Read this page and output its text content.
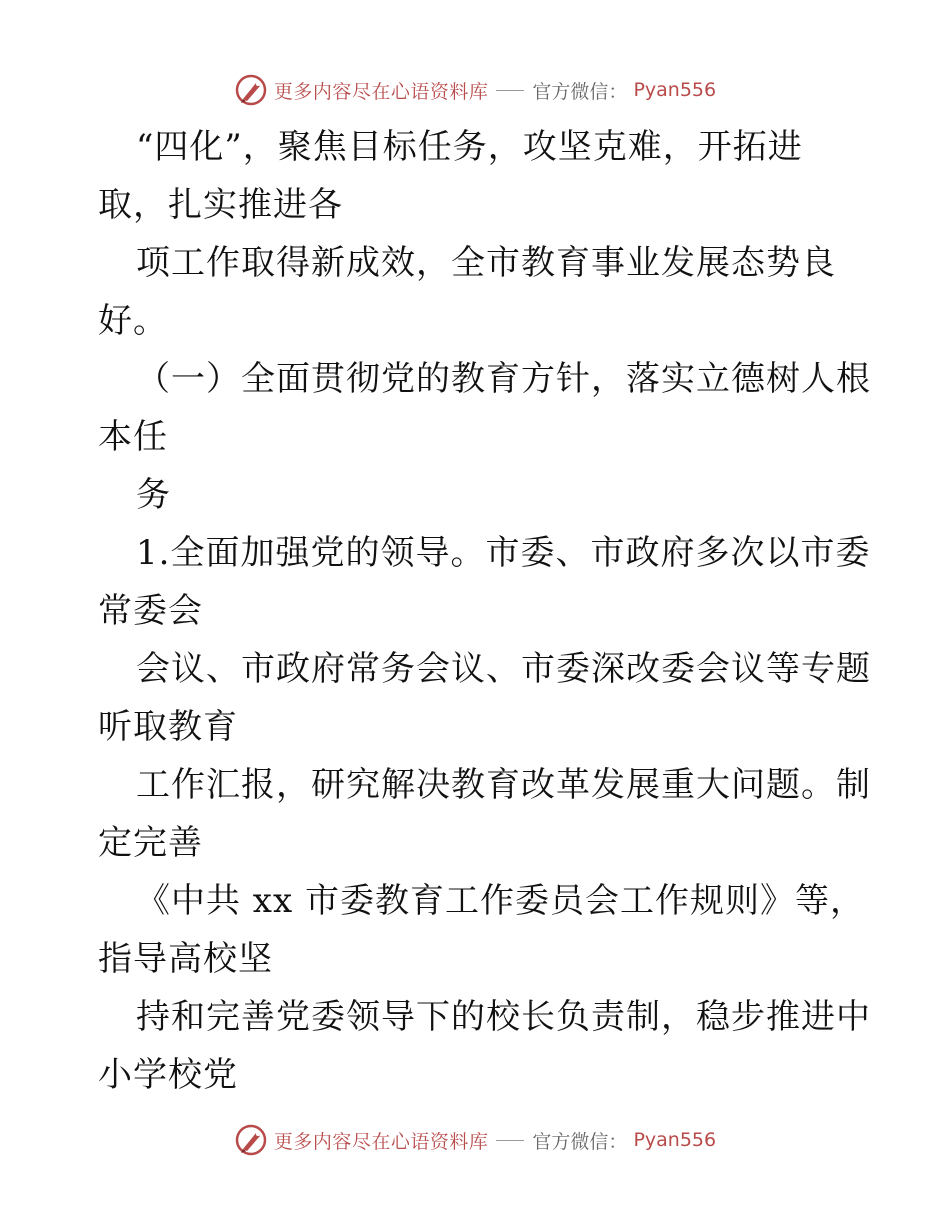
更多内容尽在心语资料库 官方微信： Pyan556
“四化”，聚焦目标任务，攻坚克难，开拓进
取，扎实推进各
项工作取得新成效，全市教育事业发展态势良
好。
（一）全面贯彻党的教育方针，落实立德树人根
本任
务
1.全面加强党的领导。市委、市政府多次以市委
常委会
会议、市政府常务会议、市委深改委会议等专题
听取教育
工作汇报，研究解决教育改革发展重大问题。制
定完善
《中共 xx 市委教育工作委员会工作规则》等，
指导高校坚
持和完善党委领导下的校长负责制，稳步推进中
小学校党
更多内容尽在心语资料库 官方微信： Pyan556
